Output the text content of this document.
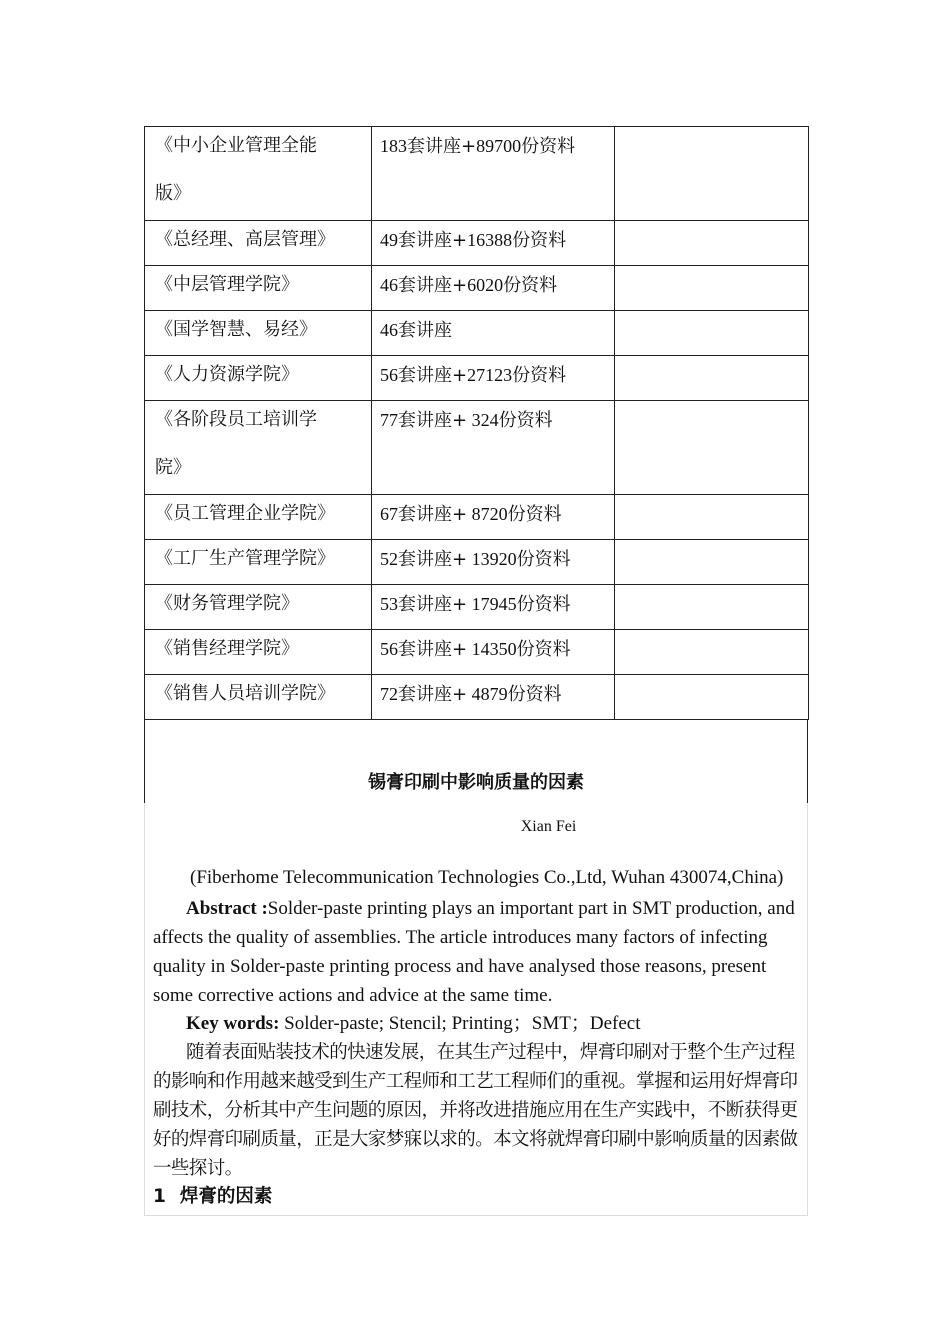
《中小企业管理全能
版》	183套讲座+89700份资料	

《总经理、高层管理》	49套讲座+16388份资料	

《中层管理学院》	46套讲座+6020份资料	

《国学智慧、易经》	46套讲座	

《人力资源学院》	56套讲座+27123份资料	

《各阶段员工培训学
院》	77套讲座+ 324份资料	

《员工管理企业学院》	67套讲座+ 8720份资料	

《工厂生产管理学院》	52套讲座+ 13920份资料	

《财务管理学院》	53套讲座+ 17945份资料	

《销售经理学院》	56套讲座+ 14350份资料	

《销售人员培训学院》	72套讲座+ 4879份资料	

锡膏印刷中影响质量的因素
Xian Fei
(Fiberhome Telecommunication Technologies Co.,Ltd, Wuhan 430074,China)
Abstract :Solder-paste printing plays an important part in SMT production, and affects the quality of assemblies. The article introduces many factors of infecting quality in Solder-paste printing process and have analysed those reasons, present some corrective actions and advice at the same time.
Key words: Solder-paste; Stencil; Printing；SMT；Defect
随着表面贴装技术的快速发展，在其生产过程中，焊膏印刷对于整个生产过程的影响和作用越来越受到生产工程师和工艺工程师们的重视。掌握和运用好焊膏印刷技术，分析其中产生问题的原因，并将改进措施应用在生产实践中，不断获得更好的焊膏印刷质量，正是大家梦寐以求的。本文将就焊膏印刷中影响质量的因素做一些探讨。
1 焊膏的因素
